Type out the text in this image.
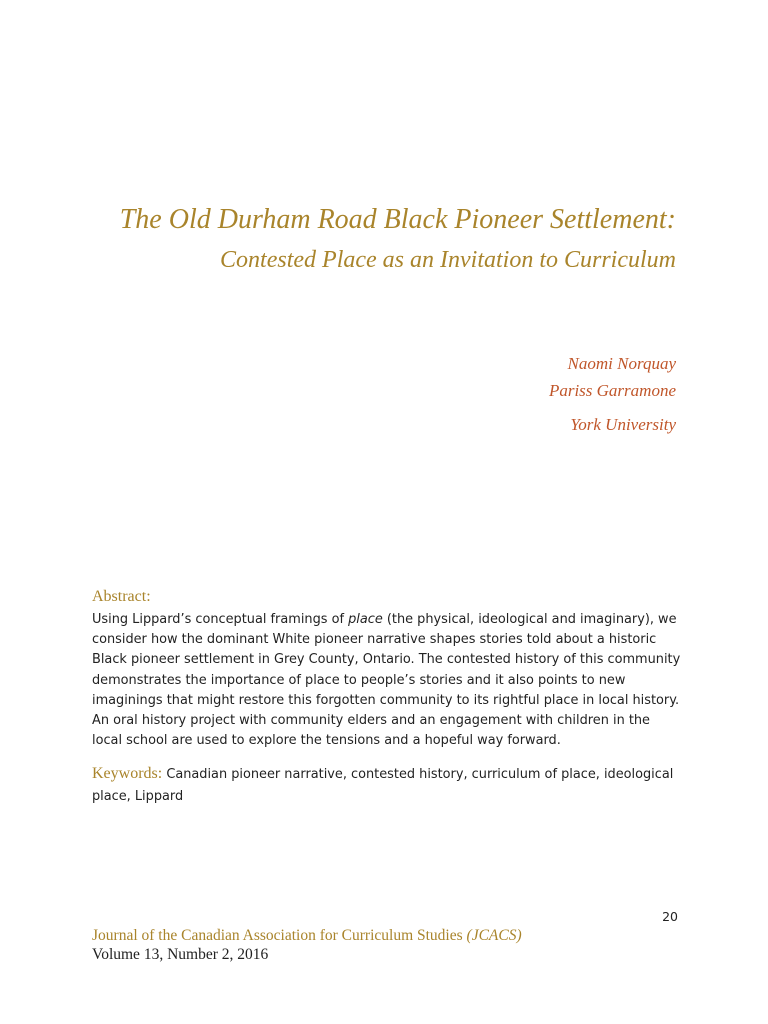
The Old Durham Road Black Pioneer Settlement:
Contested Place as an Invitation to Curriculum
Naomi Norquay
Pariss Garramone
York University
Abstract:

Using Lippard’s conceptual framings of place (the physical, ideological and imaginary), we consider how the dominant White pioneer narrative shapes stories told about a historic Black pioneer settlement in Grey County, Ontario. The contested history of this community demonstrates the importance of place to people’s stories and it also points to new imaginings that might restore this forgotten community to its rightful place in local history. An oral history project with community elders and an engagement with children in the local school are used to explore the tensions and a hopeful way forward.

Keywords: Canadian pioneer narrative, contested history, curriculum of place, ideological place, Lippard

20
Journal of the Canadian Association for Curriculum Studies (JCACS)
Volume 13, Number 2, 2016
